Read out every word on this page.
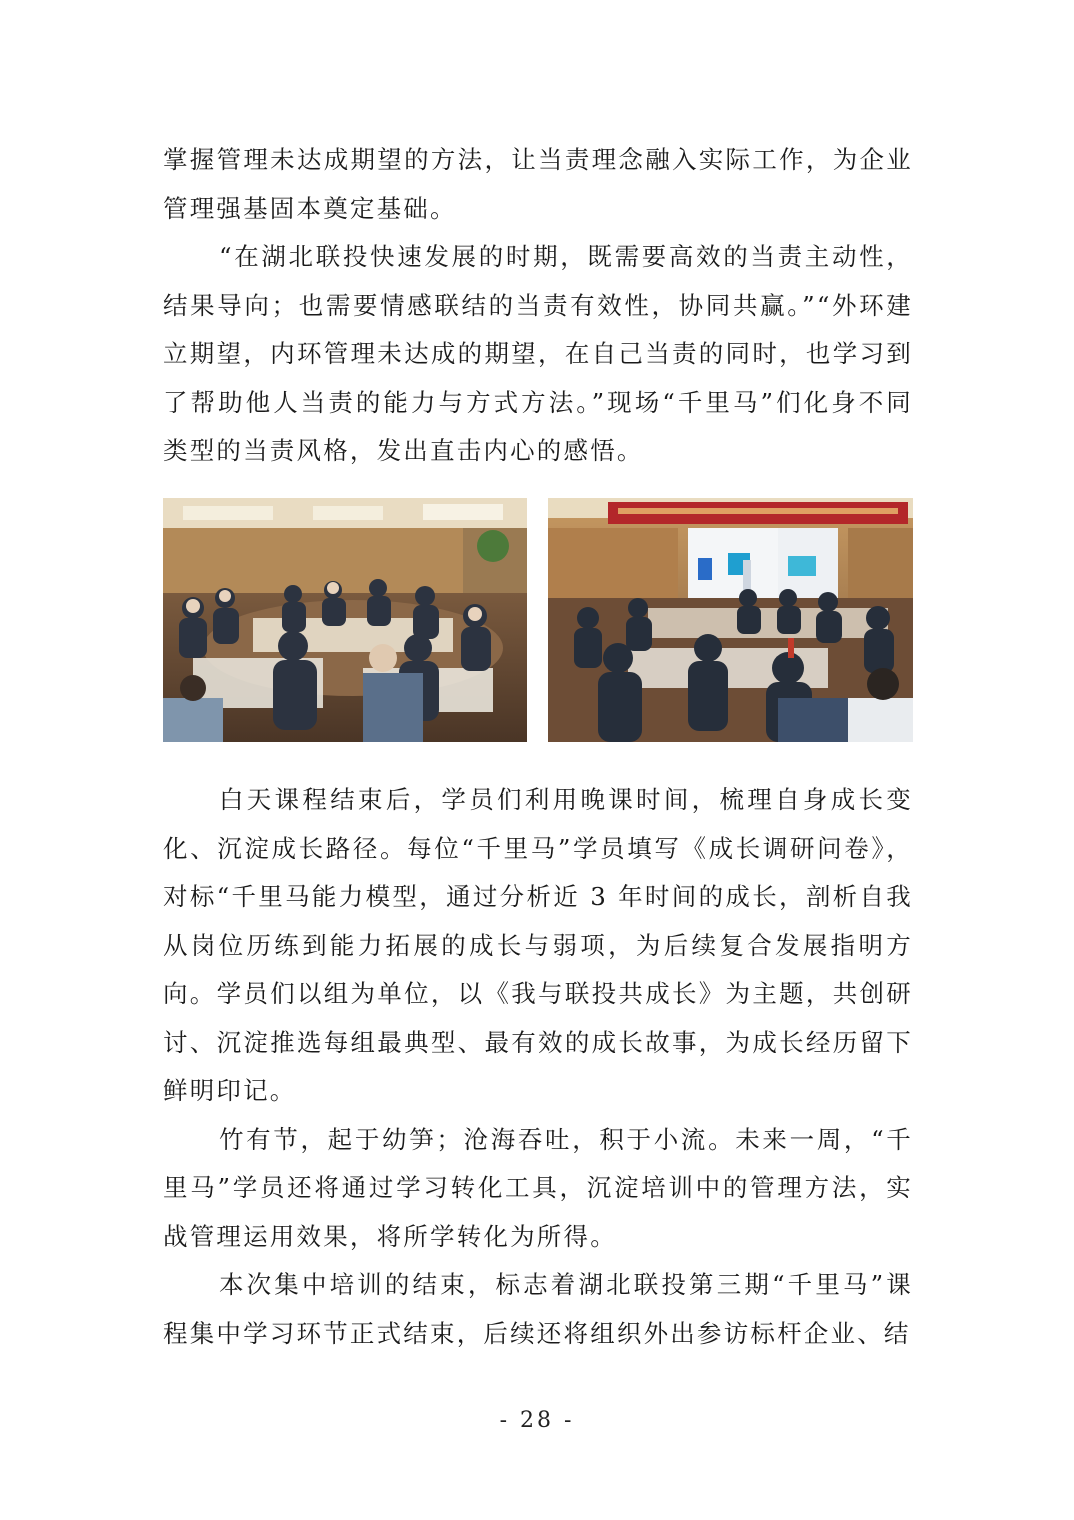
掌握管理未达成期望的方法，让当责理念融入实际工作，为企业管理强基固本奠定基础。

“在湖北联投快速发展的时期，既需要高效的当责主动性，结果导向；也需要情感联结的当责有效性，协同共赢。”“外环建立期望，内环管理未达成的期望，在自己当责的同时，也学习到了帮助他人当责的能力与方式方法。”现场“千里马”们化身不同类型的当责风格，发出直击内心的感悟。

白天课程结束后，学员们利用晚课时间，梳理自身成长变化、沉淀成长路径。每位“千里马”学员填写《成长调研问卷》，对标“千里马能力模型，通过分析近 3 年时间的成长，剖析自我从岗位历练到能力拓展的成长与弱项，为后续复合发展指明方向。学员们以组为单位，以《我与联投共成长》为主题，共创研讨、沉淀推选每组最典型、最有效的成长故事，为成长经历留下鲜明印记。

竹有节，起于幼笋；沧海吞吐，积于小流。未来一周，“千里马”学员还将通过学习转化工具，沉淀培训中的管理方法，实战管理运用效果，将所学转化为所得。

本次集中培训的结束，标志着湖北联投第三期“千里马”课程集中学习环节正式结束，后续还将组织外出参访标杆企业、结

- 28 -
